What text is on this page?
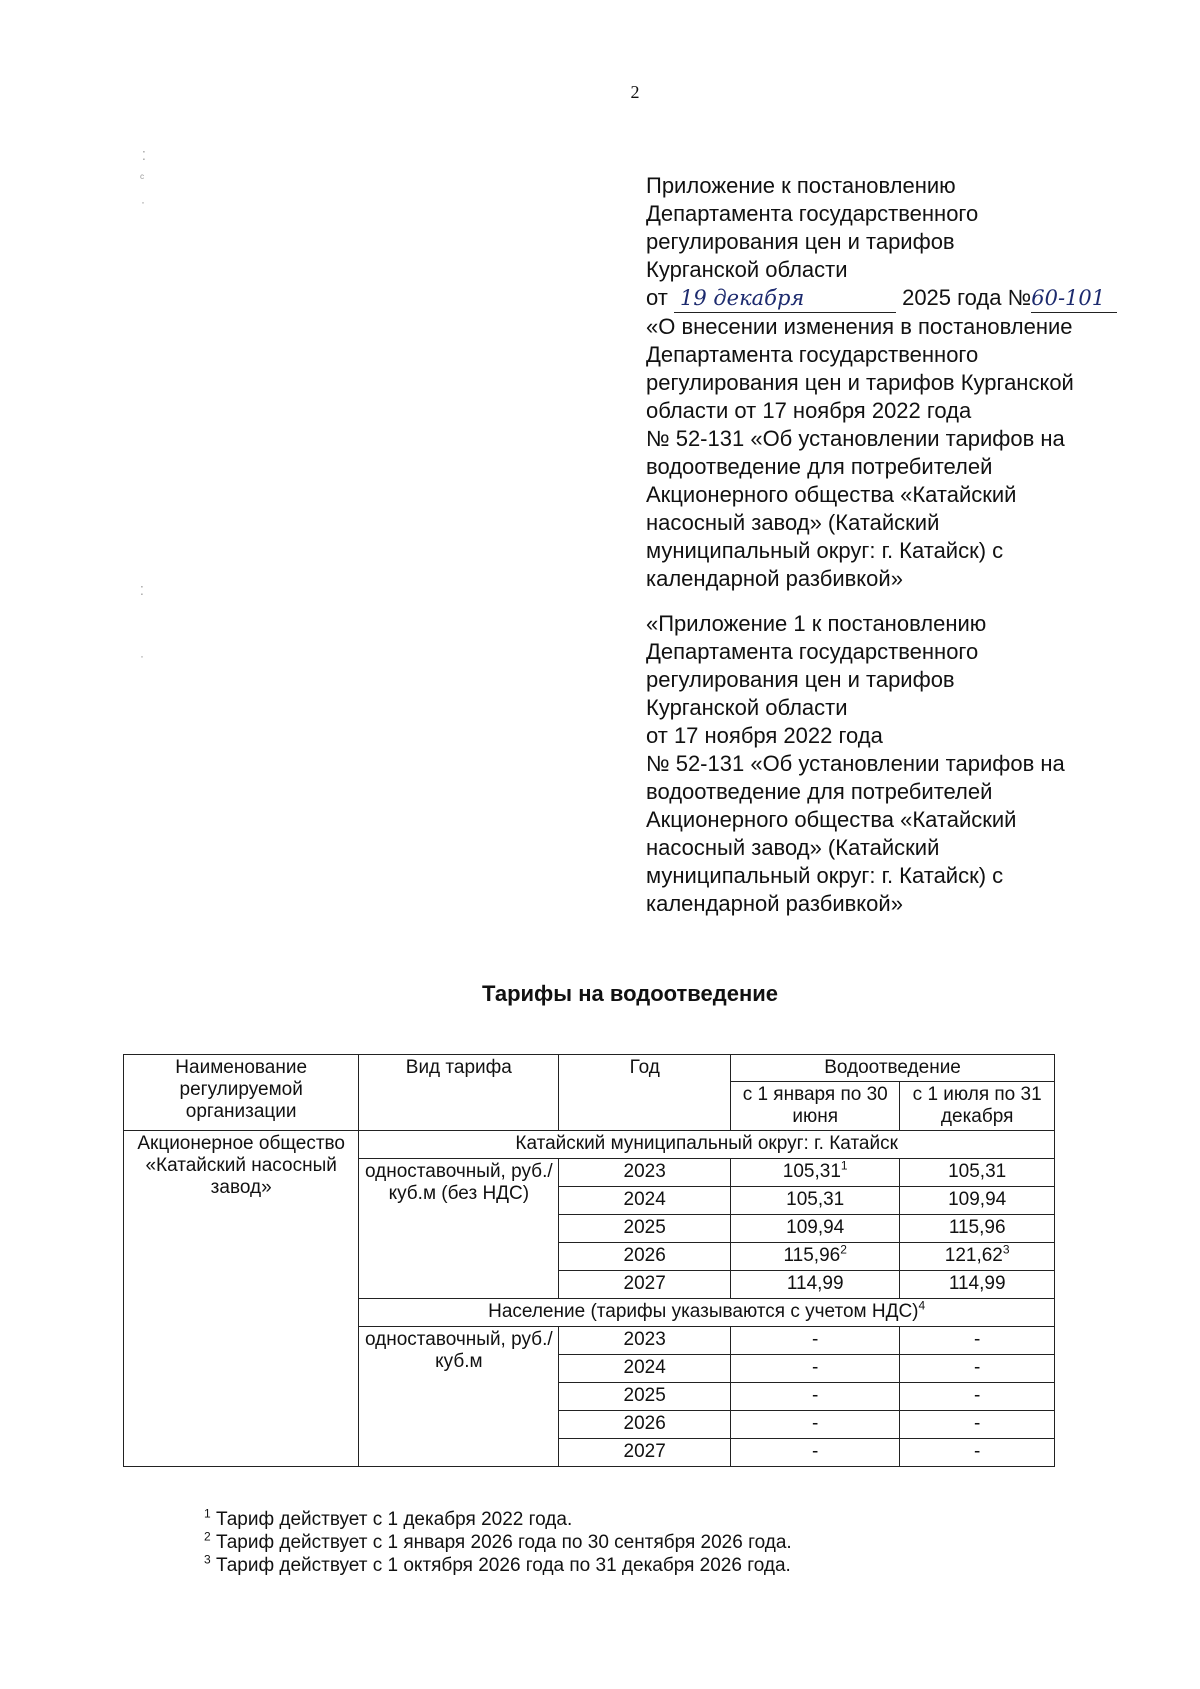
2
⁚
ᶜ
·
⁚
·
Приложение к постановлению
Департамента государственного
регулирования цен и тарифов
Курганской области
от 19 декабря	2025 года №60-101
«О внесении изменения в постановление
Департамента государственного
регулирования цен и тарифов Курганской
области от 17 ноября 2022 года
№ 52-131 «Об установлении тарифов на
водоотведение для потребителей
Акционерного общества «Катайский
насосный завод» (Катайский
муниципальный округ: г. Катайск) с
календарной разбивкой»
«Приложение 1 к постановлению
Департамента государственного
регулирования цен и тарифов
Курганской области
от 17 ноября 2022 года
№ 52-131 «Об установлении тарифов на
водоотведение для потребителей
Акционерного общества «Катайский
насосный завод» (Катайский
муниципальный округ: г. Катайск) с
календарной разбивкой»
Тарифы на водоотведение
Наименование регулируемой организации	Вид тарифа	Год	Водоотведение	
			с 1 января по 30 июня	с 1 июля по 31 декабря
Акционерное общество «Катайский насосный завод»	Катайский муниципальный округ: г. Катайск			
	одноставочный, руб./куб.м (без НДС)	2023	105,31$^1$	105,31
		2024	105,31	109,94
		2025	109,94	115,96
		2026	115,96$^2$	121,62$^3$
		2027	114,99	114,99
	Население (тарифы указываются с учетом НДС)$^4$
	одноставочный, руб./куб.м	2023	-	-
		2024	-	-
		2025	-	-
		2026	-	-
		2027	-	-
$^1$ Тариф действует с 1 декабря 2022 года.
$^2$ Тариф действует с 1 января 2026 года по 30 сентября 2026 года.
$^3$ Тариф действует с 1 октября 2026 года по 31 декабря 2026 года.
